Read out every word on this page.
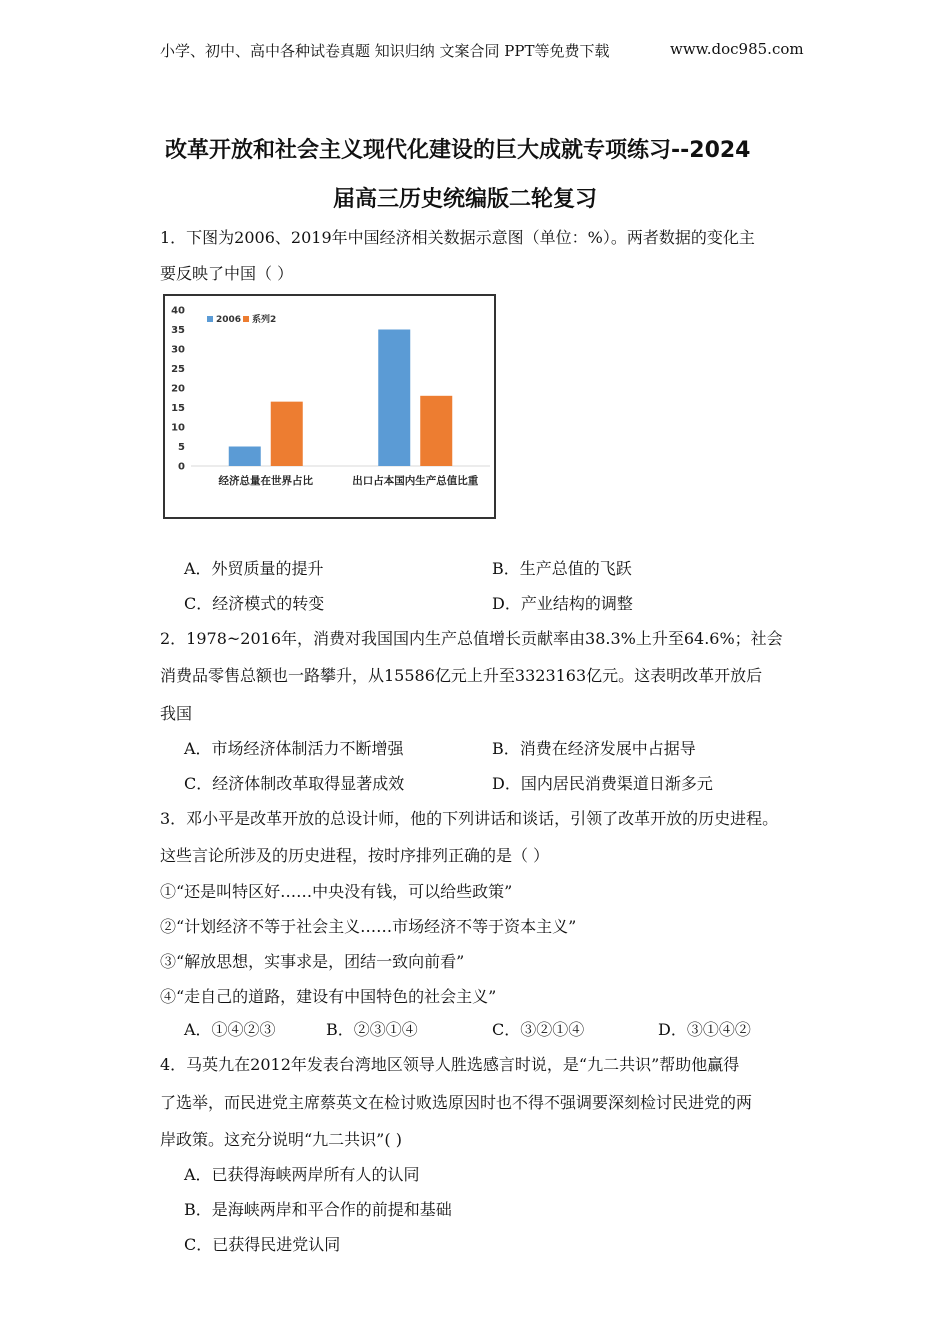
小学、初中、高中各种试卷真题 知识归纳 文案合同 PPT等免费下载	www.doc985.com
改革开放和社会主义现代化建设的巨大成就专项练习--2024
届高三历史统编版二轮复习
1．下图为2006、2019年中国经济相关数据示意图（单位：%）。两者数据的变化主
要反映了中国（ ）
0
5
10
15
20
25
30
35
40
经济总量在世界占比	出口占本国内生产总值比重
2006 系列2
A．外贸质量的提升	B．生产总值的飞跃
C．经济模式的转变	D．产业结构的调整
2．1978~2016年，消费对我国国内生产总值增长贡献率由38.3%上升至64.6%；社会
消费品零售总额也一路攀升，从15586亿元上升至3323163亿元。这表明改革开放后
我国
A．市场经济体制活力不断增强	B．消费在经济发展中占据导
C．经济体制改革取得显著成效	D．国内居民消费渠道日渐多元
3．邓小平是改革开放的总设计师，他的下列讲话和谈话，引领了改革开放的历史进程。
这些言论所涉及的历史进程，按时序排列正确的是（ ）
①“还是叫特区好……中央没有钱，可以给些政策”
②“计划经济不等于社会主义……市场经济不等于资本主义”
③“解放思想，实事求是，团结一致向前看”
④“走自己的道路，建设有中国特色的社会主义”
A．①④②③	B．②③①④	C．③②①④	D．③①④②
4．马英九在2012年发表台湾地区领导人胜选感言时说，是“九二共识”帮助他赢得
了选举，而民进党主席蔡英文在检讨败选原因时也不得不强调要深刻检讨民进党的两
岸政策。这充分说明“九二共识”( )
A．已获得海峡两岸所有人的认同
B．是海峡两岸和平合作的前提和基础
C．已获得民进党认同
